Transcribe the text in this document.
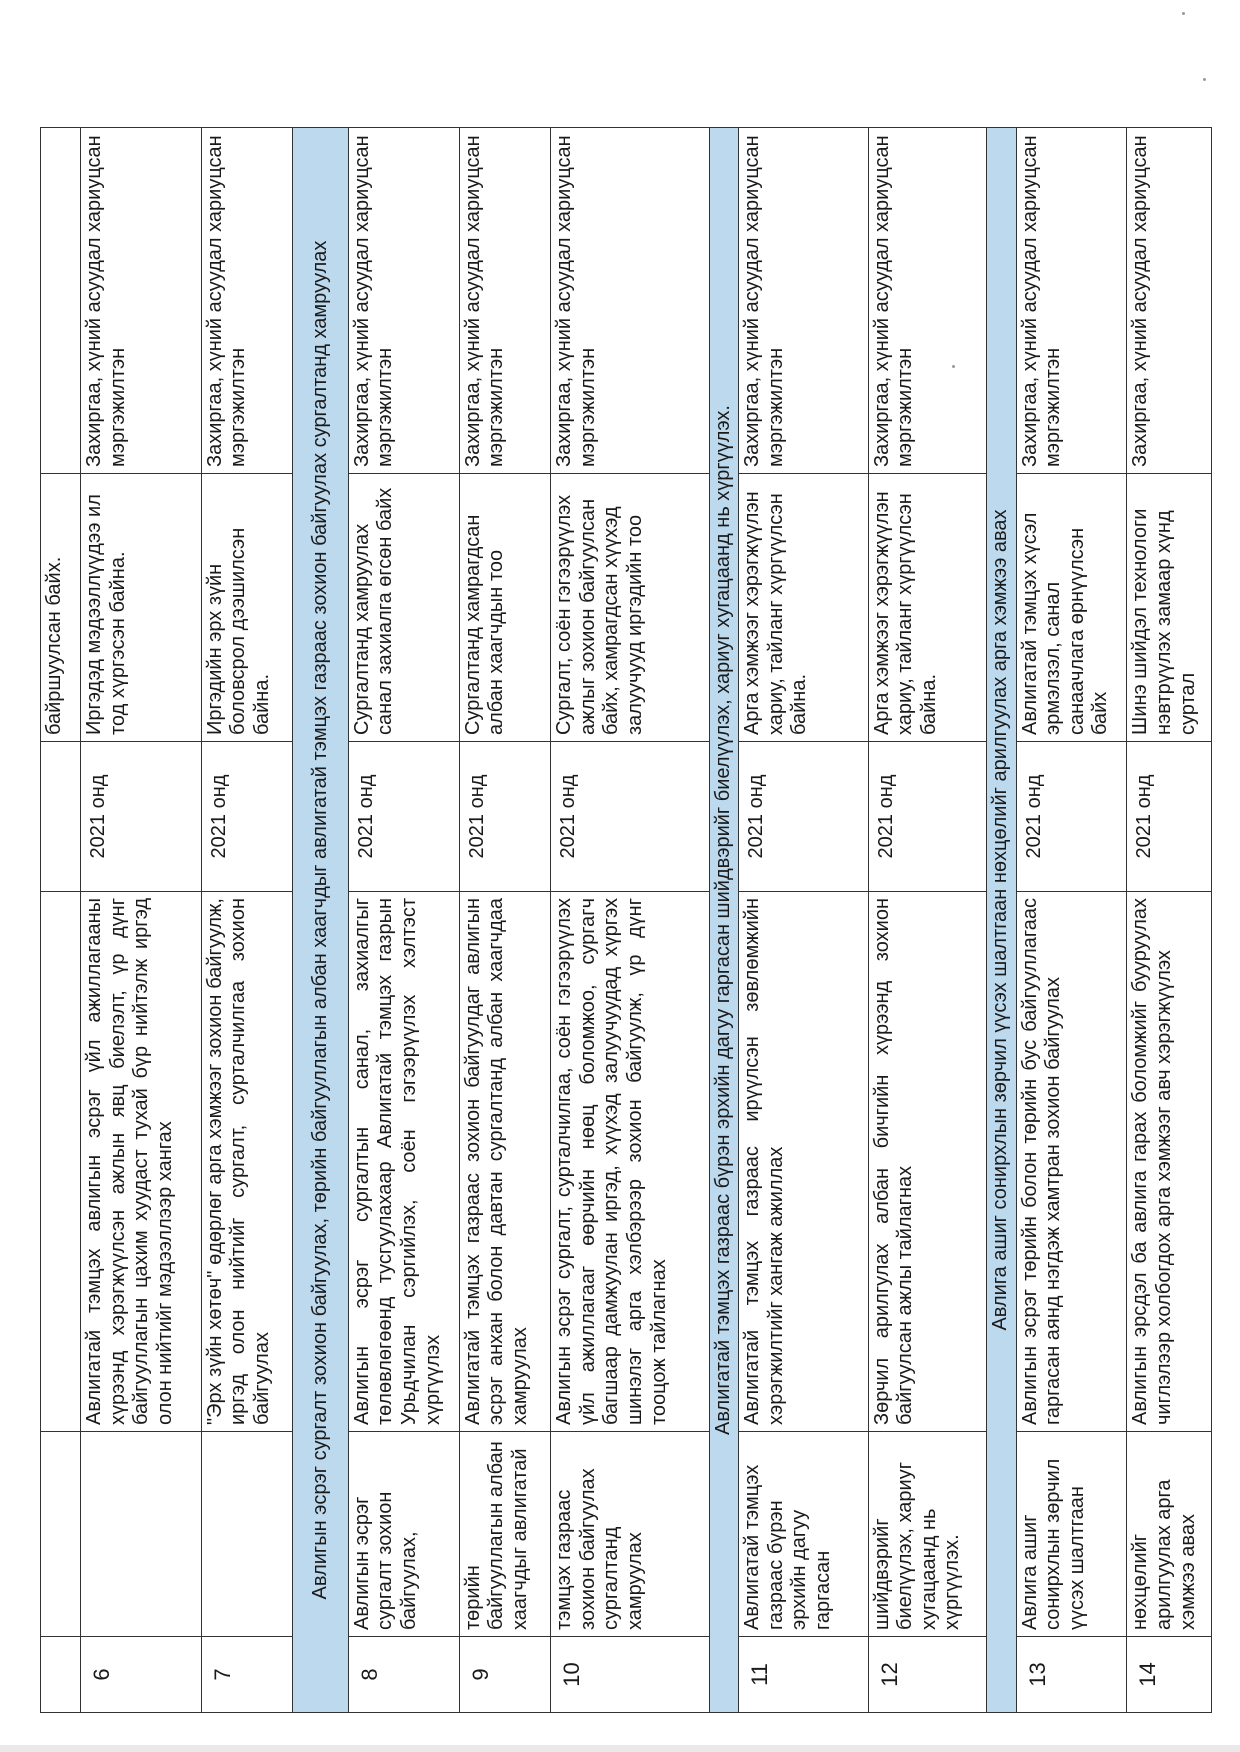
				байршуулсан байх.	
6		Авлигатай тэмцэх авлигын эсрэг үйл ажиллагааны хүрээнд хэрэгжүүлсэн ажлын явц биелэлт, үр дүнг байгууллагын цахим хуудаст тухай бүр нийтэлж иргэд олон нийтийг мэдээллээр хангах	2021 онд	Иргэдэд мэдээллүүдээ ил тод хүргэсэн байна.	Захиргаа, хүний асуудал хариуцсан мэргэжилтэн
7		"Эрх зүйн хөтөч" өдөрлөг арга хэмжээг зохион байгуулж, иргэд олон нийтийг сургалт, сурталчилгаа зохион байгуулах	2021 онд	Иргэдийн эрх зүйн боловсрол дээшилсэн байна.	Захиргаа, хүний асуудал хариуцсан мэргэжилтэн
Авлигын эсрэг сургалт зохион байгуулах, төрийн байгууллагын албан хаагчдыг авлигатай тэмцэх газраас зохион байгуулах сургалтанд хамруулах					
8	Авлигын эсрэг сургалт зохион байгуулах,	Авлигын эсрэг сургалтын санал, захиалгыг төлөвлөгөөнд тусгуулахаар Авлигатай тэмцэх газрын Урьдчилан сэргийлэх, соён гэгээрүүлэх хэлтэст хүргүүлэх	2021 онд	Сургалтанд хамруулах санал захиалга өгсөн байх	Захиргаа, хүний асуудал хариуцсан мэргэжилтэн
9	төрийн байгууллагын албан хаагчдыг авлигатай	Авлигатай тэмцэх газраас зохион байгуулдаг авлигын эсрэг анхан болон давтан сургалтанд албан хаагчдаа хамруулах	2021 онд	Сургалтанд хамрагдсан албан хаагчдын тоо	Захиргаа, хүний асуудал хариуцсан мэргэжилтэн
10	тэмцэх газраас зохион байгуулах сургалтанд хамруулах	Авлигын эсрэг сургалт, сурталчилгаа, соён гэгээрүүлэх үйл ажиллагааг өөрчийн нөөц боломжоо, сургагч багшаар дамжуулан иргэд, хүүхэд залуучуудад хүргэх шинэлэг арга хэлбэрээр зохион байгуулж, үр дүнг тооцож тайлагнах	2021 онд	Сургалт, соён гэгээрүүлэх ажлыг зохион байгуулсан байх, хамрагдсан хүүхэд залуучууд иргэдийн тоо	Захиргаа, хүний асуудал хариуцсан мэргэжилтэн
Авлигатай тэмцэх газраас бүрэн эрхийн дагуу гаргасан шийдвэрийг биелүүлэх, хариуг хугацаанд нь хүргүүлэх.					
11	Авлигатай тэмцэх газраас бүрэн эрхийн дагуу гаргасан	Авлигатай тэмцэх газраас ирүүлсэн зөвлөмжийн хэрэгжилтийг хангаж ажиллах	2021 онд	Арга хэмжээг хэрэгжүүлэн хариу, тайланг хүргүүлсэн байна.	Захиргаа, хүний асуудал хариуцсан мэргэжилтэн
12	шийдвэрийг биелүүлэх, хариуг хугацаанд нь хүргүүлэх.	Зөрчил арилгулах албан бичгийн хүрээнд зохион байгуулсан ажлы тайлагнах	2021 онд	Арга хэмжээг хэрэгжүүлэн хариу, тайланг хүргүүлсэн байна.	Захиргаа, хүний асуудал хариуцсан мэргэжилтэн
Авлига ашиг сонирхлын зөрчил үүсэх шалтгаан нөхцөлийг арилгуулах арга хэмжээ авах					
13	Авлига ашиг сонирхлын зөрчил үүсэх шалтгаан	Авлигын эсрэг төрийн болон төрийн бус байгууллагаас гаргасан аянд нэгдэж хамтран зохион байгуулах	2021 онд	Авлигатай тэмцэх хүсэл эрмэлзэл, санал санаачлага өрнүүлсэн байх	Захиргаа, хүний асуудал хариуцсан мэргэжилтэн
14	нөхцөлийг арилгуулах арга хэмжээ авах	Авлигын эрсдэл ба авлига гарах боломжийг бууруулах чиглэлээр холбогдох арга хэмжээг авч хэрэгжүүлэх	2021 онд	Шинэ шийдэл технологи нэвтрүүлэх замаар хүнд суртал	Захиргаа, хүний асуудал хариуцсан
